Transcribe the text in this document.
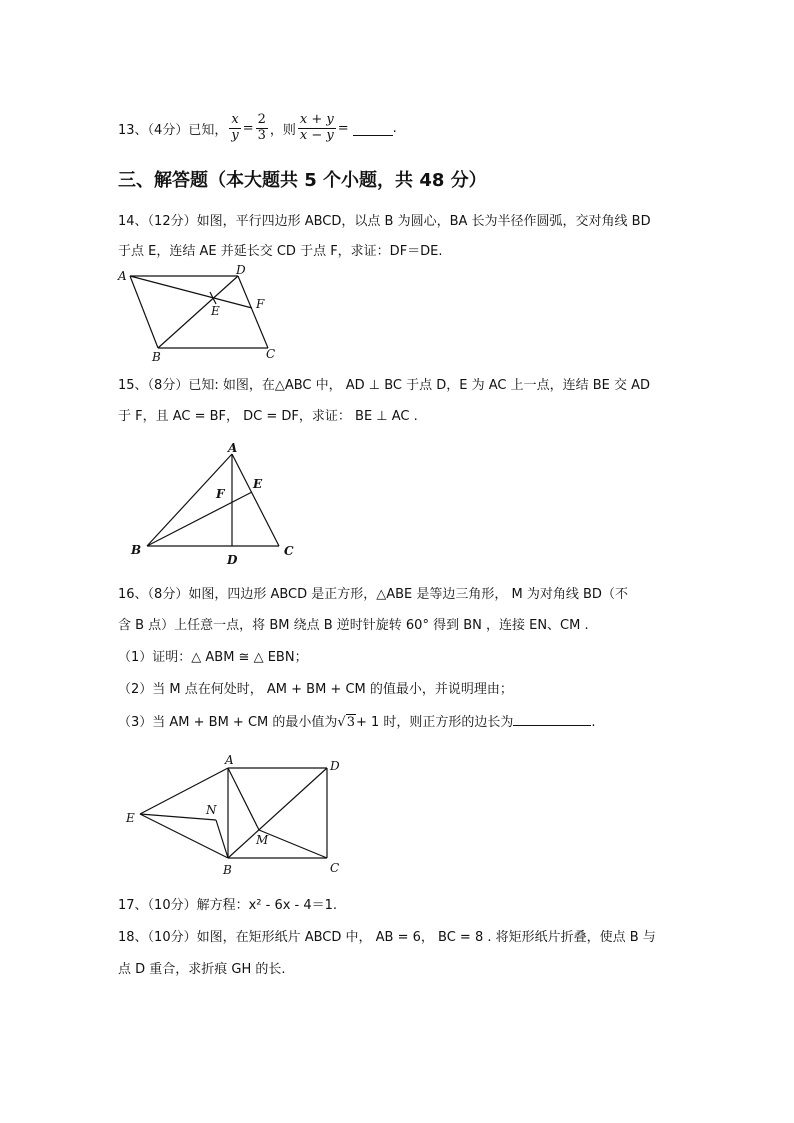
13、（4分）已知， $\frac{x}{y} = \frac{2}{3}$ ，则 $\frac{x + y}{x - y}$ =	.
三、解答题（本大题共 5 个小题，共 48 分）
14、（12分）如图，平行四边形 ABCD，以点 B 为圆心，BA 长为半径作圆弧，交对角线 BD
于点 E，连结 AE 并延长交 CD 于点 F，求证：DF＝DE.
A	D
E	F
B	C
15、（8分）已知: 如图，在△ABC 中， AD ⊥ BC 于点 D，E 为 AC 上一点，连结 BE 交 AD
于 F，且 AC = BF， DC = DF，求证： BE ⊥ AC .
A
E
F
B
D
C
16、（8分）如图，四边形 ABCD 是正方形，△ABE 是等边三角形， M 为对角线 BD（不
含 B 点）上任意一点，将 BM 绕点 B 逆时针旋转 60° 得到 BN ，连接 EN、CM .
（1）证明：△ ABM ≅ △ EBN；
（2）当 M 点在何处时， AM + BM + CM 的值最小，并说明理由；
（3）当 AM + BM + CM 的最小值为√3+ 1 时，则正方形的边长为	.
A	D
E
N
M
B	C
17、（10分）解方程：x² - 6x - 4＝1.
18、（10分）如图，在矩形纸片 ABCD 中， AB = 6， BC = 8 . 将矩形纸片折叠，使点 B 与
点 D 重合，求折痕 GH 的长.
